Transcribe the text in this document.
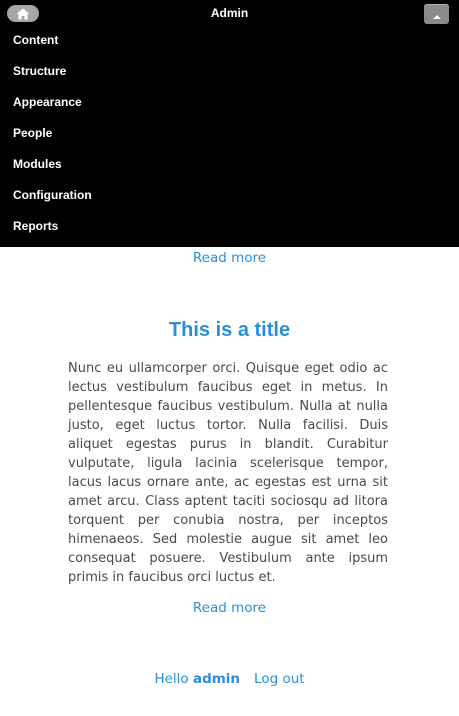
Admin
Content
Structure
Appearance
People
Modules
Configuration
Reports
Read more
This is a title

Nunc eu ullamcorper orci. Quisque eget odio ac lectus vestibulum faucibus eget in metus. In pellentesque faucibus vestibulum. Nulla at nulla justo, eget luctus tortor. Nulla facilisi. Duis aliquet egestas purus in blandit. Curabitur vulputate, ligula lacinia scelerisque tempor, lacus lacus ornare ante, ac egestas est urna sit amet arcu. Class aptent taciti sociosqu ad litora torquent per conubia nostra, per inceptos himenaeos. Sed molestie augue sit amet leo consequat posuere. Vestibulum ante ipsum primis in faucibus orci luctus et.

Read more
Hello admin Log out
